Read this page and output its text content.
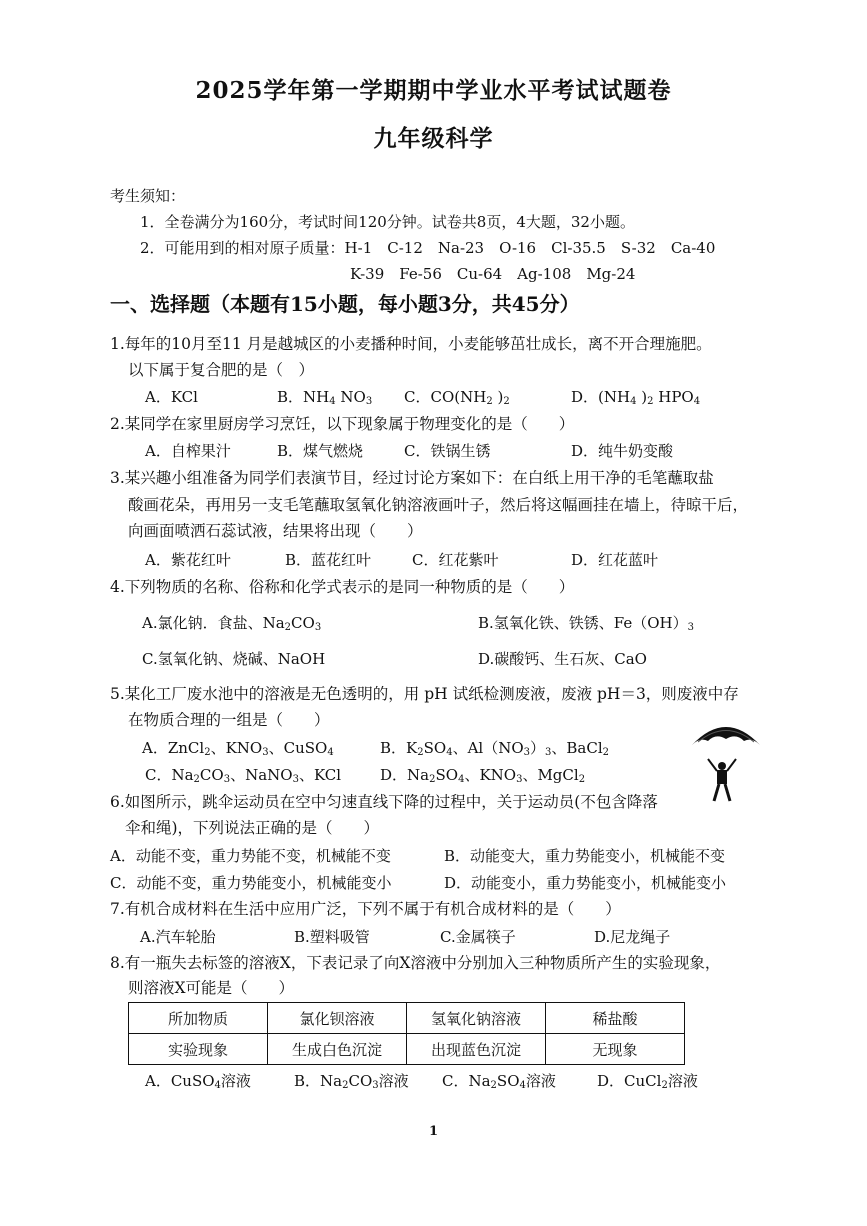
2025学年第一学期期中学业水平考试试题卷
九年级科学
考生须知：
1．全卷满分为160分，考试时间120分钟。试卷共8页，4大题，32小题。
2．可能用到的相对原子质量：H-1　C-12　Na-23　O-16　Cl-35.5　S-32　Ca-40
K-39　Fe-56　Cu-64　Ag-108　Mg-24
一、选择题（本题有15小题，每小题3分，共45分）
1.每年的10月至11 月是越城区的小麦播种时间，小麦能够茁壮成长，离不开合理施肥。
以下属于复合肥的是（　）
A．KCl	B．$NH_4$ $NO_3$ C．$CO(NH_2$ )$_2$	D．($NH_4$ )$_2$ $HPO_4$
2.某同学在家里厨房学习烹饪，以下现象属于物理变化的是（　　）
A．自榨果汁	B．煤气燃烧	C．铁锅生锈	D．纯牛奶变酸
3.某兴趣小组准备为同学们表演节目，经过讨论方案如下：在白纸上用干净的毛笔蘸取盐
酸画花朵，再用另一支毛笔蘸取氢氧化钠溶液画叶子，然后将这幅画挂在墙上，待晾干后，
向画面喷洒石蕊试液，结果将出现（　　）
A．紫花红叶	B．蓝花红叶	C．红花紫叶	D．红花蓝叶
4.下列物质的名称、俗称和化学式表示的是同一种物质的是（　　）
A.氯化钠．食盐、$Na_2CO_3$	B.氢氧化铁、铁锈、$Fe(OH)_3$
C.氢氧化钠、烧碱、NaOH	D.碳酸钙、生石灰、CaO
5.某化工厂废水池中的溶液是无色透明的，用 pH 试纸检测废液，废液 pH＝3，则废液中存
在物质合理的一组是（　　）
A．ZnCl$_2$、$KNO_3$、CuSO$_4$	B．$K_2SO_4$、$Al(NO_3)_3$、BaCl$_2$
C．$Na_2CO_3$、NaNO$_3$、KCl	D．$Na_2SO_4$、$KNO_3$、MgCl$_2$
6.如图所示，跳伞运动员在空中匀速直线下降的过程中，关于运动员(不包含降落
伞和绳)，下列说法正确的是（　　）
A．动能不变，重力势能不变，机械能不变	B．动能变大，重力势能变小，机械能不变
C．动能不变，重力势能变小，机械能变小	D．动能变小，重力势能变小，机械能变小
7.有机合成材料在生活中应用广泛，下列不属于有机合成材料的是（　　）
A.汽车轮胎	B.塑料吸管	C.金属筷子	D.尼龙绳子
8.有一瓶失去标签的溶液X，下表记录了向X溶液中分别加入三种物质所产生的实验现象，
则溶液X可能是（　　）
所加物质	氯化钡溶液	氢氧化钠溶液	稀盐酸
实验现象	生成白色沉淀	出现蓝色沉淀	无现象
A．CuSO$_4$溶液	B．$Na_2CO_3$溶液 C．$Na_2SO_4$溶液	D．CuCl$_2$溶液
1
